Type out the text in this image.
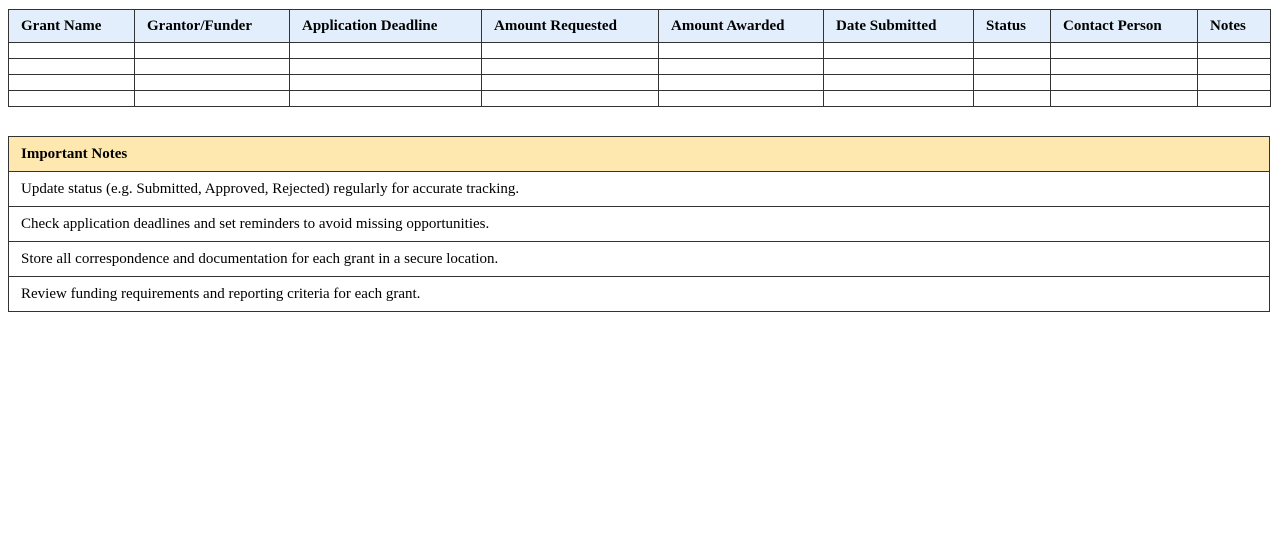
Grant Name	Grantor/Funder	Application Deadline	Amount Requested	Amount Awarded	Date Submitted	Status	Contact Person	Notes

Important Notes
Update status (e.g. Submitted, Approved, Rejected) regularly for accurate tracking.
Check application deadlines and set reminders to avoid missing opportunities.
Store all correspondence and documentation for each grant in a secure location.
Review funding requirements and reporting criteria for each grant.
